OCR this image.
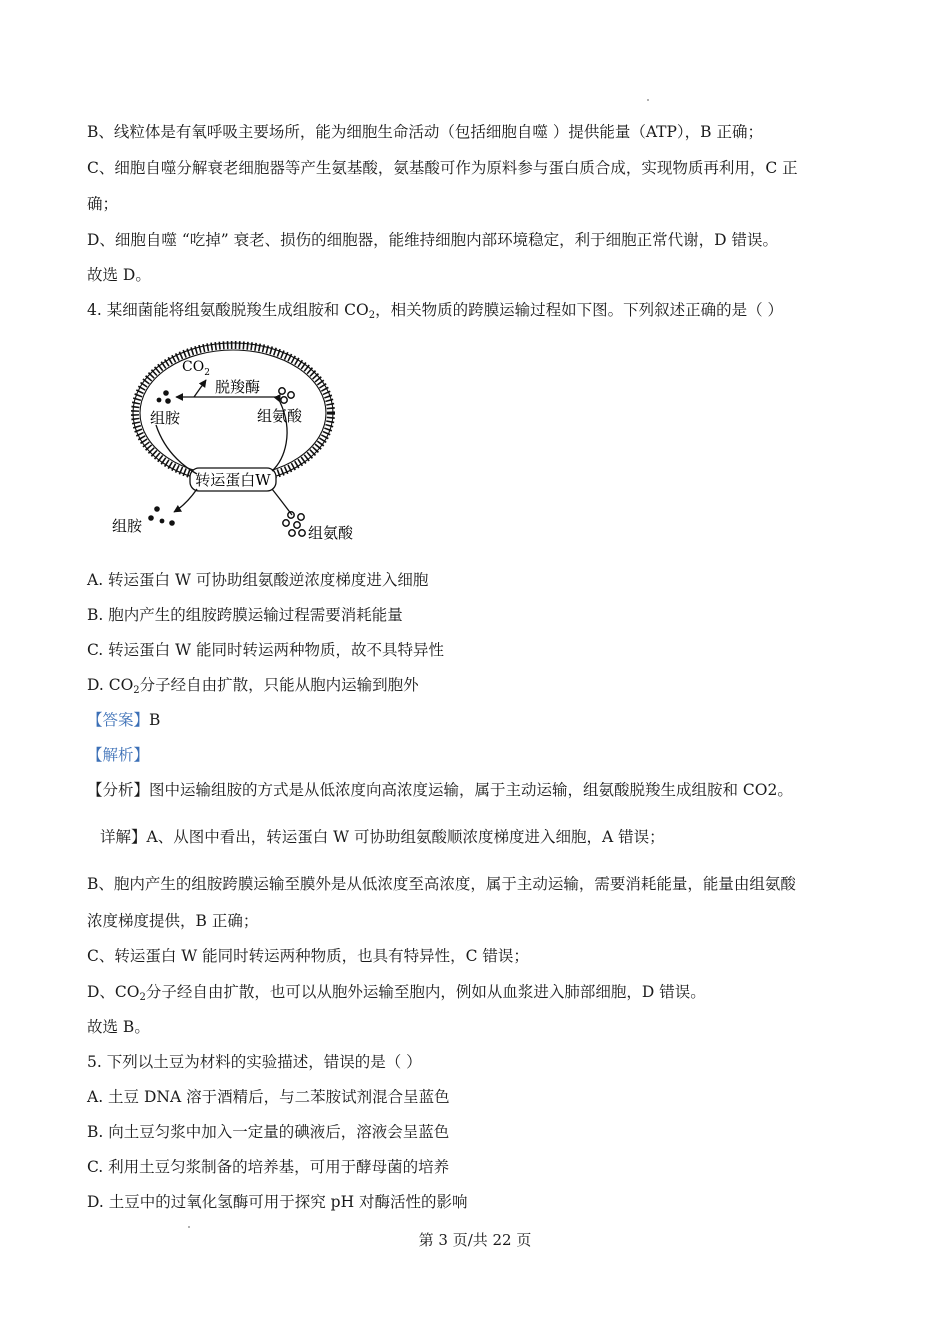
B、线粒体是有氧呼吸主要场所，能为细胞生命活动（包括细胞自噬 ）提供能量（ATP），B 正确；

C、细胞自噬分解衰老细胞器等产生氨基酸，氨基酸可作为原料参与蛋白质合成，实现物质再利用，C 正

确；

D、细胞自噬 “吃掉” 衰老、损伤的细胞器，能维持细胞内部环境稳定，利于细胞正常代谢，D 错误。

故选 D。

4. 某细菌能将组氨酸脱羧生成组胺和 $CO_2$，相关物质的跨膜运输过程如下图。下列叙述正确的是（ ）

转运蛋白W
$CO_2$
脱羧酶
组胺	组氨酸
组胺	组氨酸

A. 转运蛋白 W 可协助组氨酸逆浓度梯度进入细胞

B. 胞内产生的组胺跨膜运输过程需要消耗能量

C. 转运蛋白 W 能同时转运两种物质，故不具特异性

D. $CO_2$分子经自由扩散，只能从胞内运输到胞外

【答案】B

【解析】

【分析】图中运输组胺的方式是从低浓度向高浓度运输，属于主动运输，组氨酸脱羧生成组胺和 CO2。

详解】A、从图中看出，转运蛋白 W 可协助组氨酸顺浓度梯度进入细胞，A 错误；

B、胞内产生的组胺跨膜运输至膜外是从低浓度至高浓度，属于主动运输，需要消耗能量，能量由组氨酸

浓度梯度提供，B 正确；

C、转运蛋白 W 能同时转运两种物质，也具有特异性，C 错误；

D、$CO_2$分子经自由扩散，也可以从胞外运输至胞内，例如从血浆进入肺部细胞，D 错误。

故选 B。

5. 下列以土豆为材料的实验描述，错误的是（ ）

A. 土豆 DNA 溶于酒精后，与二苯胺试剂混合呈蓝色

B. 向土豆匀浆中加入一定量的碘液后，溶液会呈蓝色

C. 利用土豆匀浆制备的培养基，可用于酵母菌的培养

D. 土豆中的过氧化氢酶可用于探究 pH 对酶活性的影响

第 3 页/共 22 页
